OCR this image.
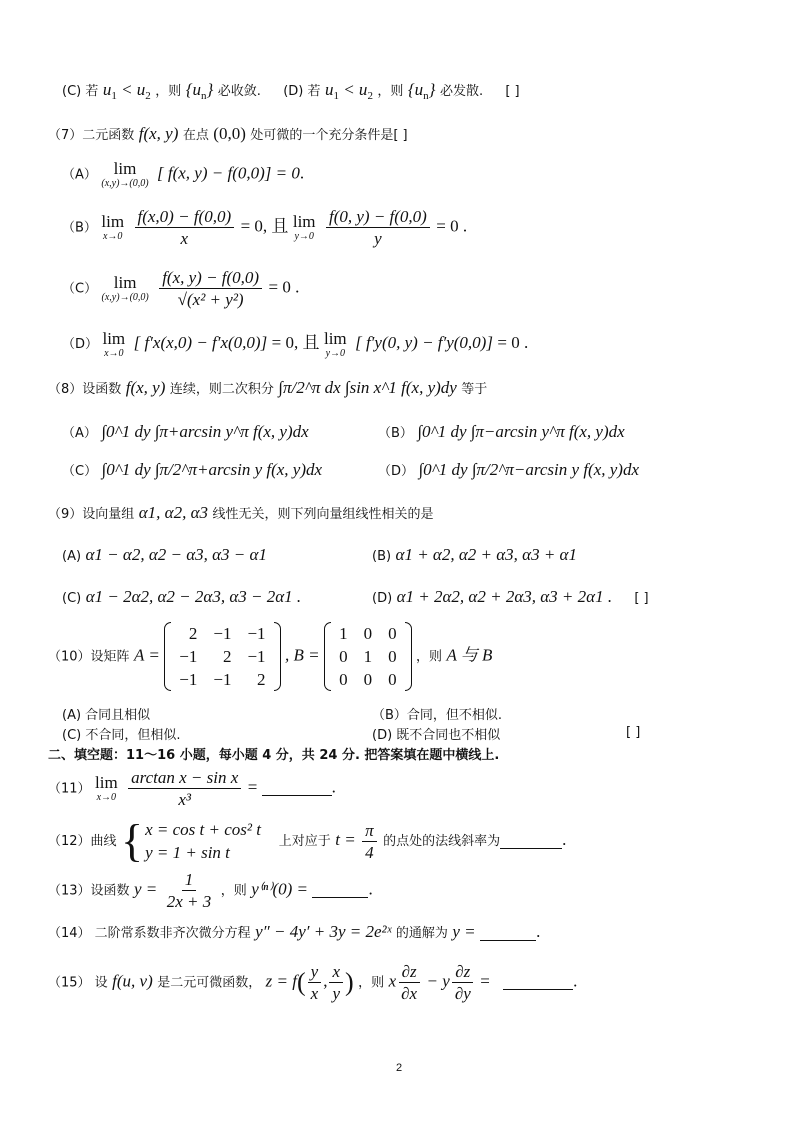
(C) 若 $u_1 < u_2$ ，则 $\{u_n\}$ 必收敛. (D) 若 $u_1 < u_2$ ，则 $\{u_n\}$ 必发散. [ ]
（7）二元函数 f(x, y) 在点 (0,0) 处可微的一个充分条件是[ ]
（A） lim
(x,y)→(0,0)
[ f(x, y) − f(0,0)] = 0.
（B） lim
x→0
$\frac{f(x,0) - f(0,0)}{x} = 0$, 且 lim
y→0
$\frac{f(0, y) - f(0,0)}{y} = 0$ .
（C） lim
(x,y)→(0,0)
$\frac{f(x, y) - f(0,0)}{\text{√(x² + y²)}} = 0$ .
（D） lim
x→0
[ f′x(x,0) − f′x(0,0)] = 0, 且 lim
y→0
[ f′y(0, y) − f′y(0,0)] = 0 .
（8）设函数 f(x, y) 连续，则二次积分 ∫π/2^π dx ∫sin x^1 f(x, y)dy 等于
（A） ∫0^1 dy ∫π+arcsin y^π f(x, y)dx	（B） ∫0^1 dy ∫π−arcsin y^π f(x, y)dx
（C） ∫0^1 dy ∫π/2^π+arcsin y f(x, y)dx	（D） ∫0^1 dy ∫π/2^π−arcsin y f(x, y)dx
（9）设向量组 α1, α2, α3 线性无关，则下列向量组线性相关的是
(A) α1 − α2, α2 − α3, α3 − α1	(B) α1 + α2, α2 + α3, α3 + α1
(C) α1 − 2α2, α2 − 2α3, α3 − 2α1 .	(D) α1 + 2α2, α2 + 2α3, α3 + 2α1 . [ ]
（10）设矩阵 A =
2	−1	−1
−1	2	−1
−1	−1	2
, B =
1	0	0
0	1	0
0	0	0
，则 A 与 B
(A) 合同且相似	（B）合同，但不相似.
(C) 不合同，但相似.	(D) 既不合同也不相似	[ ]
二、填空题：11～16 小题，每小题 4 分，共 24 分. 把答案填在题中横线上.
（11） lim
x→0
$\frac{\text{arctan x − sin x}}{\text{x³}}$ =	.
（12）曲线 { x = cos t + cos² t
y = 1 + sin t
上对应于 $t = \frac{\pi}{4}$ 的点处的法线斜率为	.
（13）设函数 $y = \frac{1}{2x + 3}$ ，则 y⁽ⁿ⁾(0) =	.
（14） 二阶常系数非齐次微分方程 y″ − 4y′ + 3y = 2e²ˣ 的通解为 y =	.
（15） 设 f(u, v) 是二元可微函数， $z = f( \frac{y}{x}$ , $\frac{x}{y}$ ) ，则 x $\frac{\partial z}{\partial x} - y \frac{\partial z}{\partial y}$ =	.
2
